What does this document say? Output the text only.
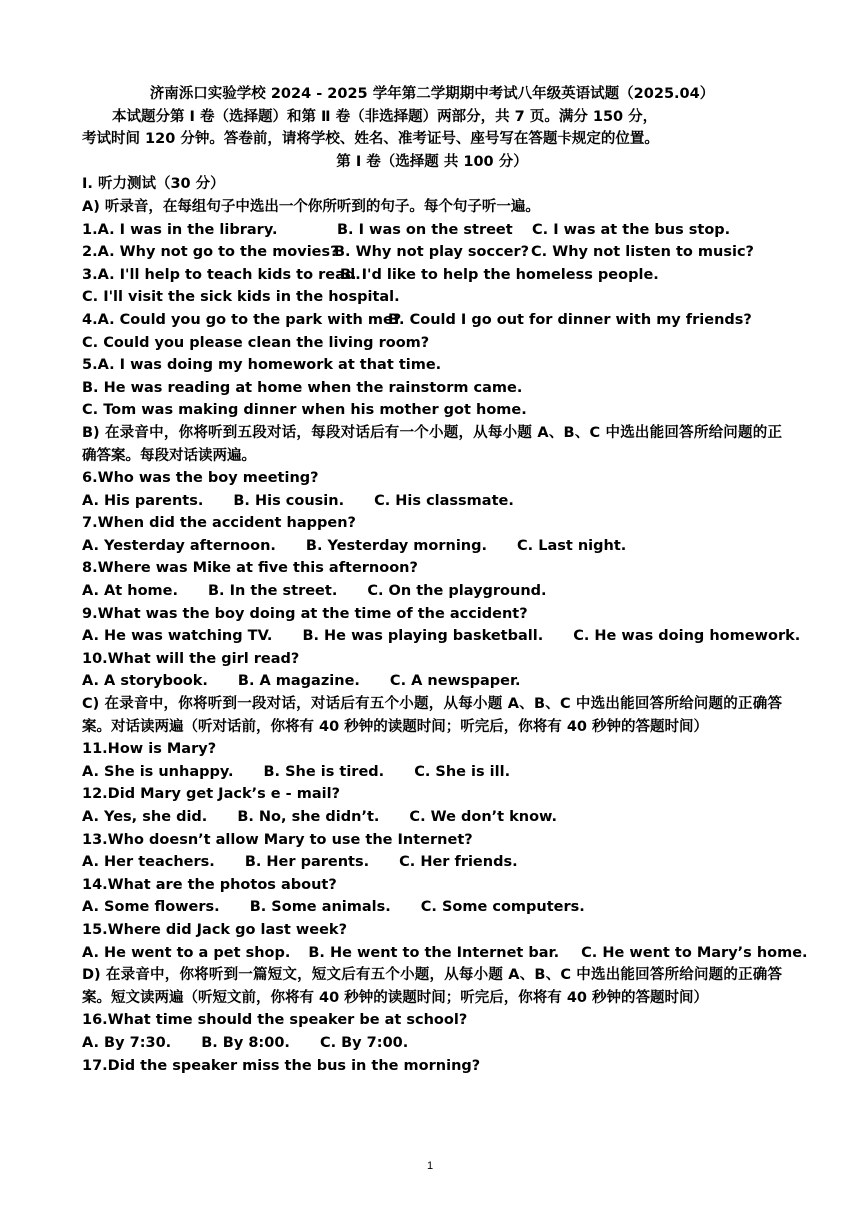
济南泺口实验学校 2024 - 2025 学年第二学期期中考试八年级英语试题（2025.04）
本试题分第 Ⅰ 卷（选择题）和第 Ⅱ 卷（非选择题）两部分，共 7 页。满分 150 分，
考试时间 120 分钟。答卷前，请将学校、姓名、准考证号、座号写在答题卡规定的位置。
第 Ⅰ 卷（选择题 共 100 分）
I. 听力测试（30 分）
A) 听录音，在每组句子中选出一个你所听到的句子。每个句子听一遍。
1.A. I was in the library.	B. I was on the street	C. I was at the bus stop.
2.A. Why not go to the movies?
B. Why not play soccer? C. Why not listen to music?
3.A. I'll help to teach kids to read.
B. I'd like to help the homeless people.
C. I'll visit the sick kids in the hospital.
4.A. Could you go to the park with me?
B. Could I go out for dinner with my friends?
C. Could you please clean the living room?
5.A. I was doing my homework at that time.
B. He was reading at home when the rainstorm came.
C. Tom was making dinner when his mother got home.
B) 在录音中，你将听到五段对话，每段对话后有一个小题，从每小题 A、B、C 中选出能回答所给问题的正确答案。每段对话读两遍。
6.Who was the boy meeting?
A. His parents. B. His cousin. C. His classmate.
7.When did the accident happen?
A. Yesterday afternoon. B. Yesterday morning. C. Last night.
8.Where was Mike at five this afternoon?
A. At home. B. In the street. C. On the playground.
9.What was the boy doing at the time of the accident?
A. He was watching TV. B. He was playing basketball. C. He was doing homework.
10.What will the girl read?
A. A storybook. B. A magazine. C. A newspaper.
C) 在录音中，你将听到一段对话，对话后有五个小题，从每小题 A、B、C 中选出能回答所给问题的正确答案。对话读两遍（听对话前，你将有 40 秒钟的读题时间；听完后，你将有 40 秒钟的答题时间）
11.How is Mary?
A. She is unhappy. B. She is tired. C. She is ill.
12.Did Mary get Jack’s e - mail?
A. Yes, she did. B. No, she didn’t. C. We don’t know.
13.Who doesn’t allow Mary to use the Internet?
A. Her teachers. B. Her parents. C. Her friends.
14.What are the photos about?
A. Some flowers. B. Some animals. C. Some computers.
15.Where did Jack go last week?
A. He went to a pet shop. B. He went to the Internet bar. C. He went to Mary’s home.
D) 在录音中，你将听到一篇短文，短文后有五个小题，从每小题 A、B、C 中选出能回答所给问题的正确答案。短文读两遍（听短文前，你将有 40 秒钟的读题时间；听完后，你将有 40 秒钟的答题时间）
16.What time should the speaker be at school?
A. By 7:30. B. By 8:00. C. By 7:00.
17.Did the speaker miss the bus in the morning?
1
